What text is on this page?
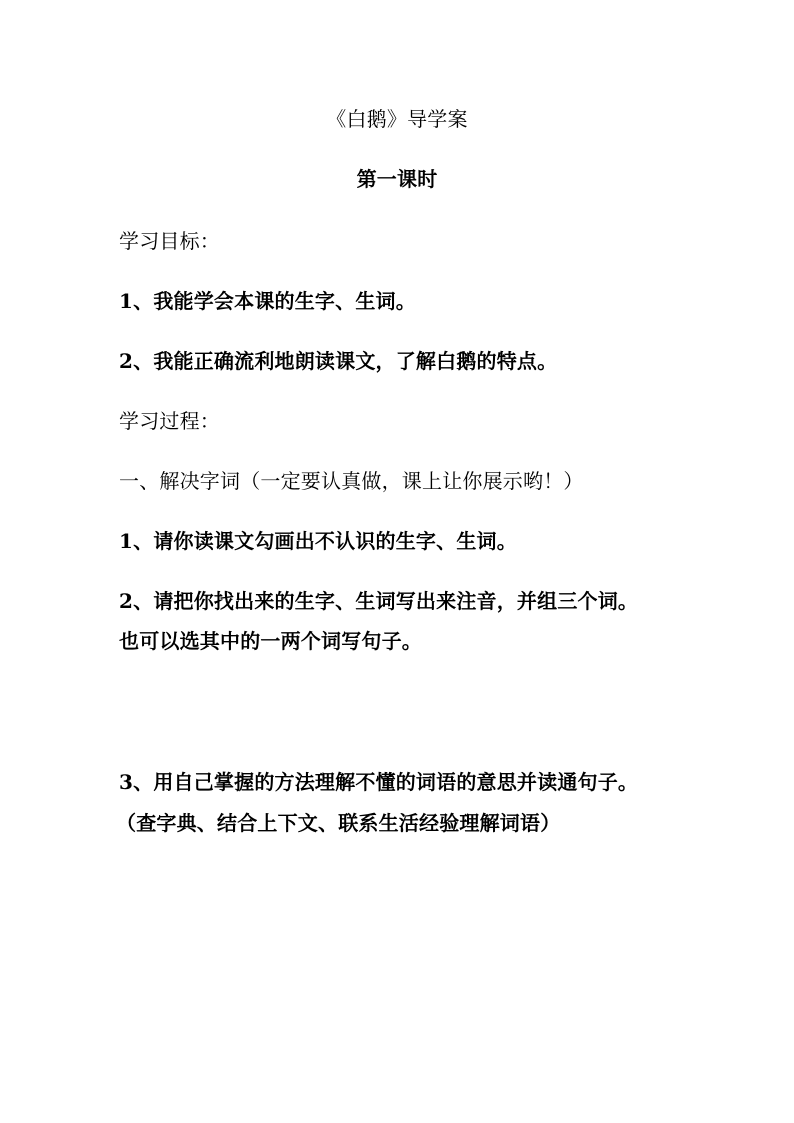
《白鹅》导学案
第一课时
学习目标：
1、我能学会本课的生字、生词。
2、我能正确流利地朗读课文，了解白鹅的特点。
学习过程：
一、解决字词（一定要认真做，课上让你展示哟！）
1、请你读课文勾画出不认识的生字、生词。
2、请把你找出来的生字、生词写出来注音，并组三个词。
也可以选其中的一两个词写句子。
3、用自己掌握的方法理解不懂的词语的意思并读通句子。
（查字典、结合上下文、联系生活经验理解词语）
